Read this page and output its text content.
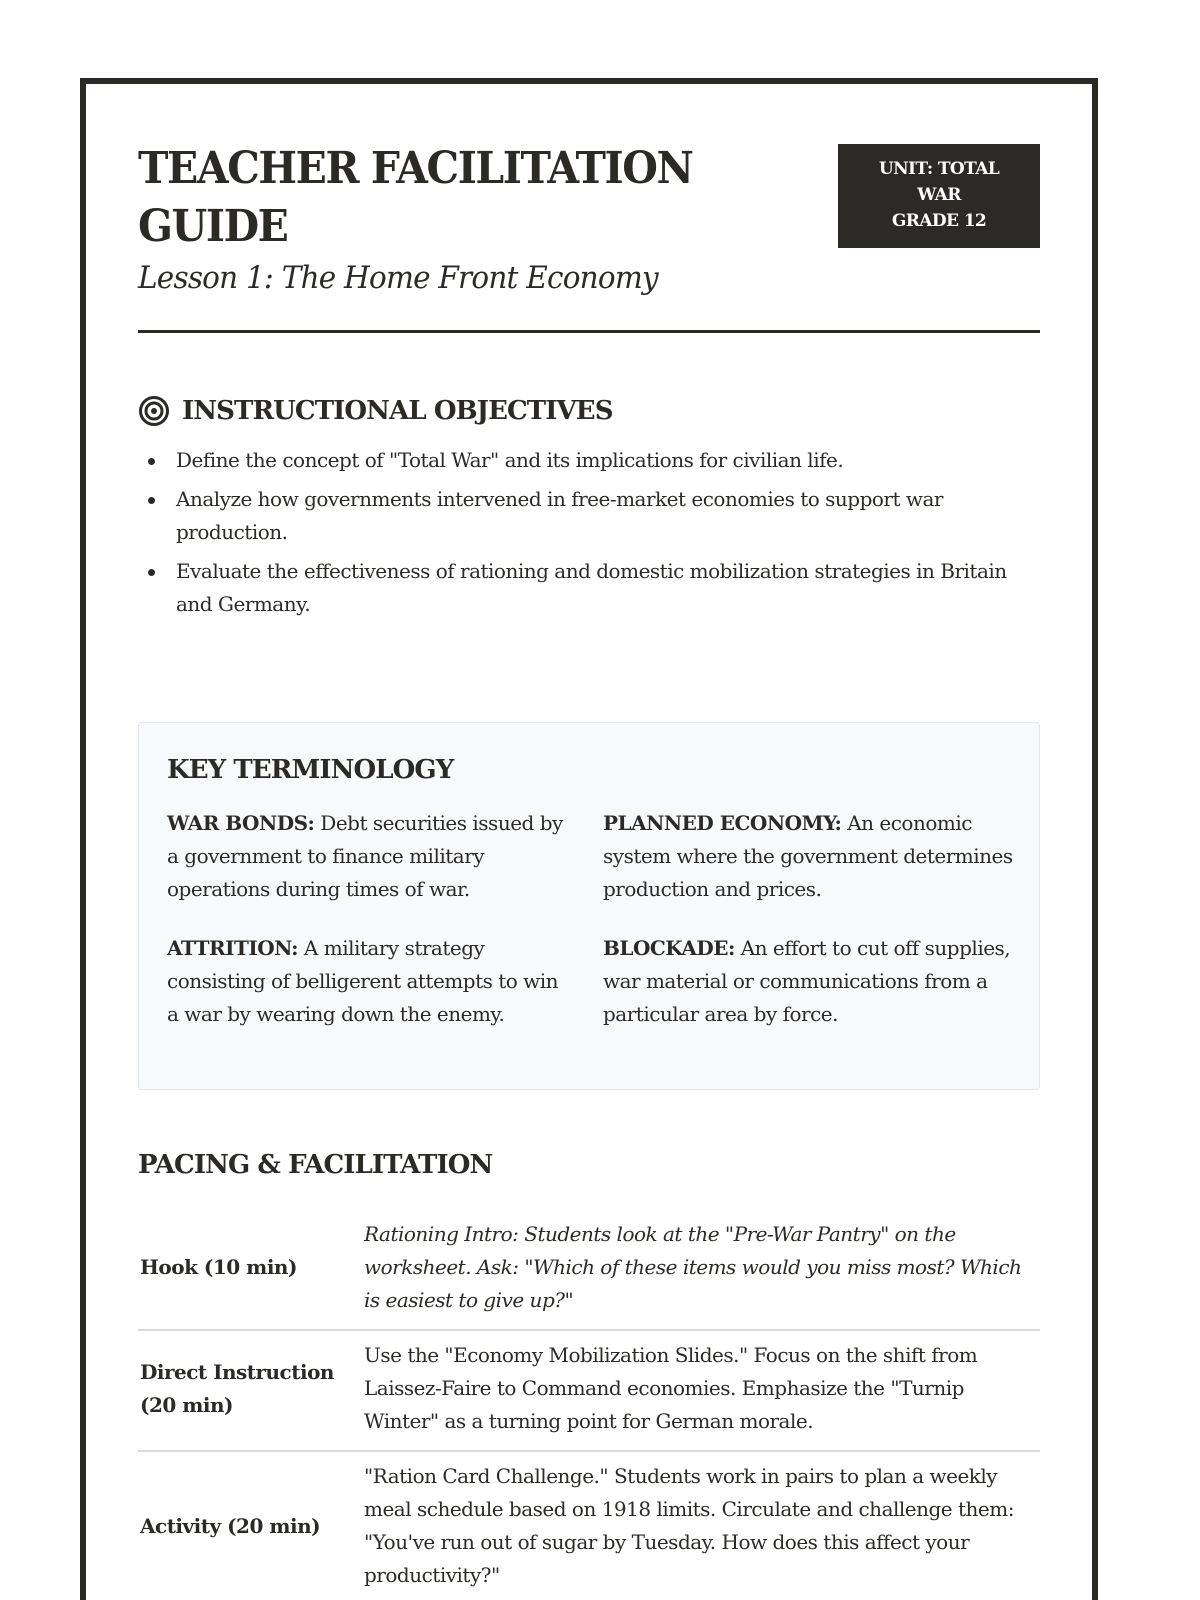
TEACHER FACILITATION GUIDE
Lesson 1: The Home Front Economy
UNIT: TOTAL
WAR
GRADE 12
INSTRUCTIONAL OBJECTIVES
Define the concept of "Total War" and its implications for civilian life.
Analyze how governments intervened in free-market economies to support war production.
Evaluate the effectiveness of rationing and domestic mobilization strategies in Britain and Germany.
KEY TERMINOLOGY

WAR BONDS: Debt securities issued by a government to finance military operations during times of war.

PLANNED ECONOMY: An economic system where the government determines production and prices.

ATTRITION: A military strategy consisting of belligerent attempts to win a war by wearing down the enemy.

BLOCKADE: An effort to cut off supplies, war material or communications from a particular area by force.

PACING & FACILITATION
Hook (10 min)	Rationing Intro: Students look at the "Pre-War Pantry" on the worksheet. Ask: "Which of these items would you miss most? Which is easiest to give up?"
Direct Instruction (20 min)	Use the "Economy Mobilization Slides." Focus on the shift from Laissez-Faire to Command economies. Emphasize the "Turnip Winter" as a turning point for German morale.
Activity (20 min)	"Ration Card Challenge." Students work in pairs to plan a weekly meal schedule based on 1918 limits. Circulate and challenge them: "You've run out of sugar by Tuesday. How does this affect your productivity?"
